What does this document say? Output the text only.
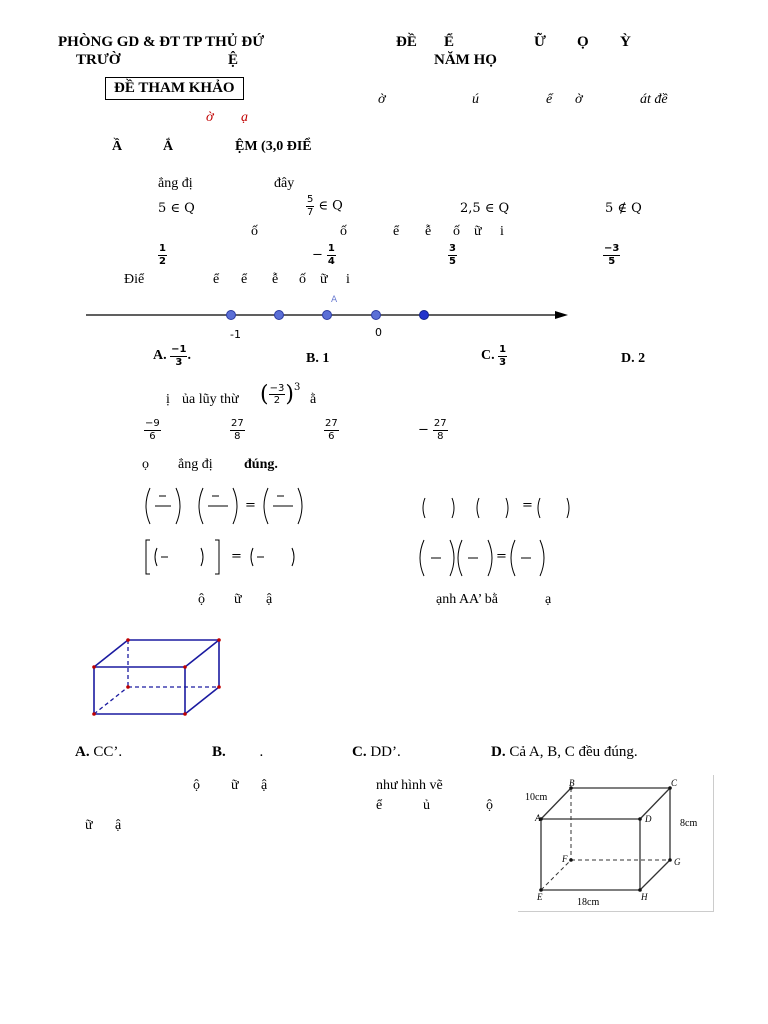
PHÒNG GD & ĐT TP THỦ ĐỨ
TRƯỜ	Ệ
ĐỀ Ể	Ữ Ọ Ỳ
NĂM HỌ
ĐỀ THAM KHẢO
ờ	ú	ể ờ	át đề
ờ ạ
Ầ	Ắ	ỆM (3,0 ĐIỂ
ẳng đị	đây
5 ∈ Q	$\frac{5}{7}$ ∈ Q	2,5 ∈ Q	5 ∉ Q
ố	ố	ể ễ ố ữ i
$\frac{1}{2}$	− $\frac{1}{4}$	$\frac{3}{5}$	$\frac{-3}{5}$
Điể	ể ể ễ ố ữ i
A
-1	0
A. $\frac{-1}{3}$ .	B. 1	C. $\frac{1}{3}$	D. 2
ị ủa lũy thừ ( $\frac{-3}{2} )^3$
ằ
$\frac{-9}{6}$	$\frac{27}{8}$	$\frac{27}{6}$	− $\frac{27}{8}$
ọ ẳng đị đúng.
=	=
=	=
ộ ữ ậ	ạnh AA’ bằ	ạ
A. CC’.	B. .	C. DD’.	D. Cả A, B, C đều đúng.
ộ ữ ậ	như hình vẽ
ể	ủ	ộ
ữ ậ	A
B	C
D
E
F	G
H
10cm
8cm
18cm
